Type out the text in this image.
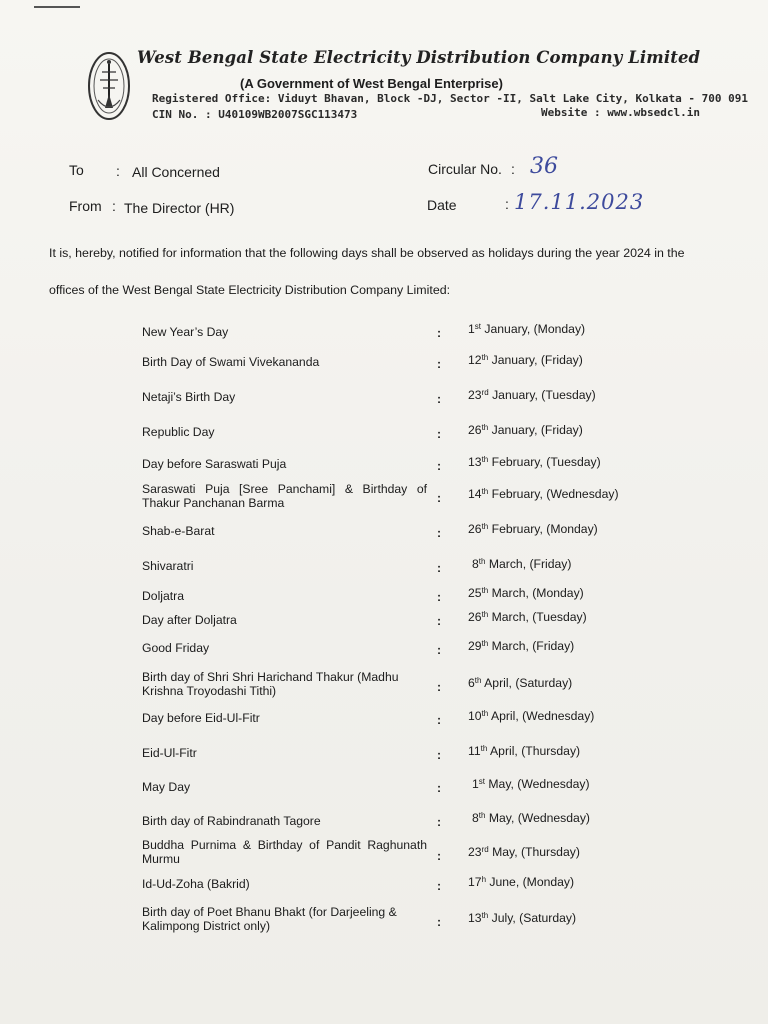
West Bengal State Electricity Distribution Company Limited
(A Government of West Bengal Enterprise)
Registered Office: Viduyt Bhavan, Block -DJ, Sector -II, Salt Lake City, Kolkata - 700 091
CIN No. : U40109WB2007SGC113473	Website : www.wbsedcl.in
To : All Concerned
From : The Director (HR)
Circular No. : 36
Date	: 17.11.2023
It is, hereby, notified for information that the following days shall be observed as holidays during the year 2024 in the
offices of the West Bengal State Electricity Distribution Company Limited:
New Year’s Day	: 1st January, (Monday)
Birth Day of Swami Vivekananda	: 12th January, (Friday)
Netaji’s Birth Day	: 23rd January, (Tuesday)
Republic Day	: 26th January, (Friday)
Day before Saraswati Puja	: 13th February, (Tuesday)
Saraswati Puja [Sree Panchami] & Birthday of Thakur Panchanan Barma	: 14th February, (Wednesday)
Shab-e-Barat	: 26th February, (Monday)
Shivaratri	:	8th March, (Friday)
Doljatra	: 25th March, (Monday)
Day after Doljatra	: 26th March, (Tuesday)
Good Friday	: 29th March, (Friday)
Birth day of Shri Shri Harichand Thakur (Madhu Krishna Troyodashi Tithi)	: 6th April, (Saturday)
Day before Eid-Ul-Fitr	: 10th April, (Wednesday)
Eid-Ul-Fitr	: 11th April, (Thursday)
May Day	:	1st May, (Wednesday)
Birth day of Rabindranath Tagore	:	8th May, (Wednesday)
Buddha Purnima & Birthday of Pandit Raghunath Murmu	: 23rd May, (Thursday)
Id-Ud-Zoha (Bakrid)	: 17$^h$ June, (Monday)
Birth day of Poet Bhanu Bhakt (for Darjeeling & Kalimpong District only)	: 13th July, (Saturday)
